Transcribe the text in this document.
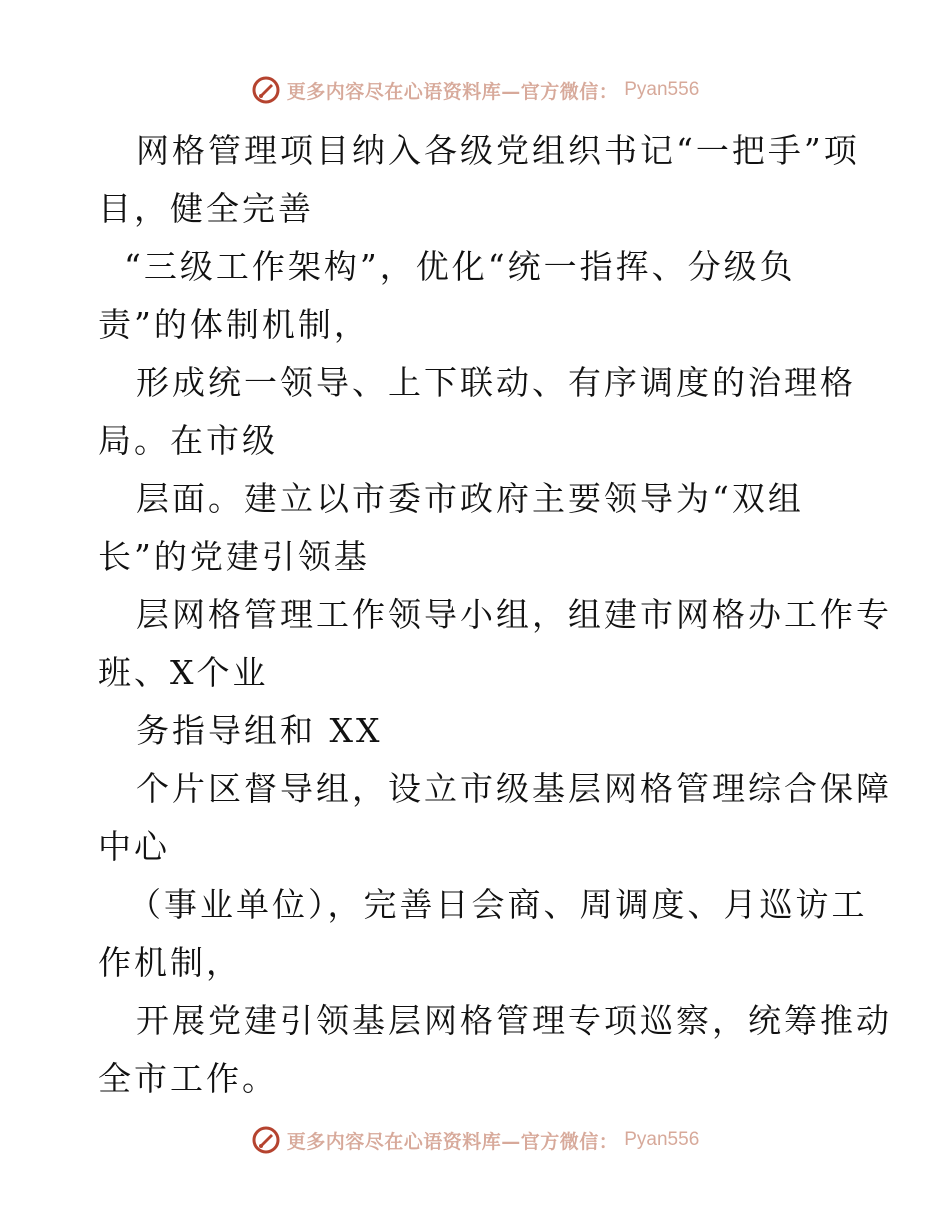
更多内容尽在心语资料库—官方微信： Pyan556
网格管理项目纳入各级党组织书记“一把手”项
目，健全完善
“三级工作架构”，优化“统一指挥、分级负
责”的体制机制，
形成统一领导、上下联动、有序调度的治理格
局。在市级
层面。建立以市委市政府主要领导为“双组
长”的党建引领基
层网格管理工作领导小组，组建市网格办工作专
班、X个业
务指导组和 XX
个片区督导组，设立市级基层网格管理综合保障
中心
（事业单位），完善日会商、周调度、月巡访工
作机制，
开展党建引领基层网格管理专项巡察，统筹推动
全市工作。
更多内容尽在心语资料库—官方微信： Pyan556
